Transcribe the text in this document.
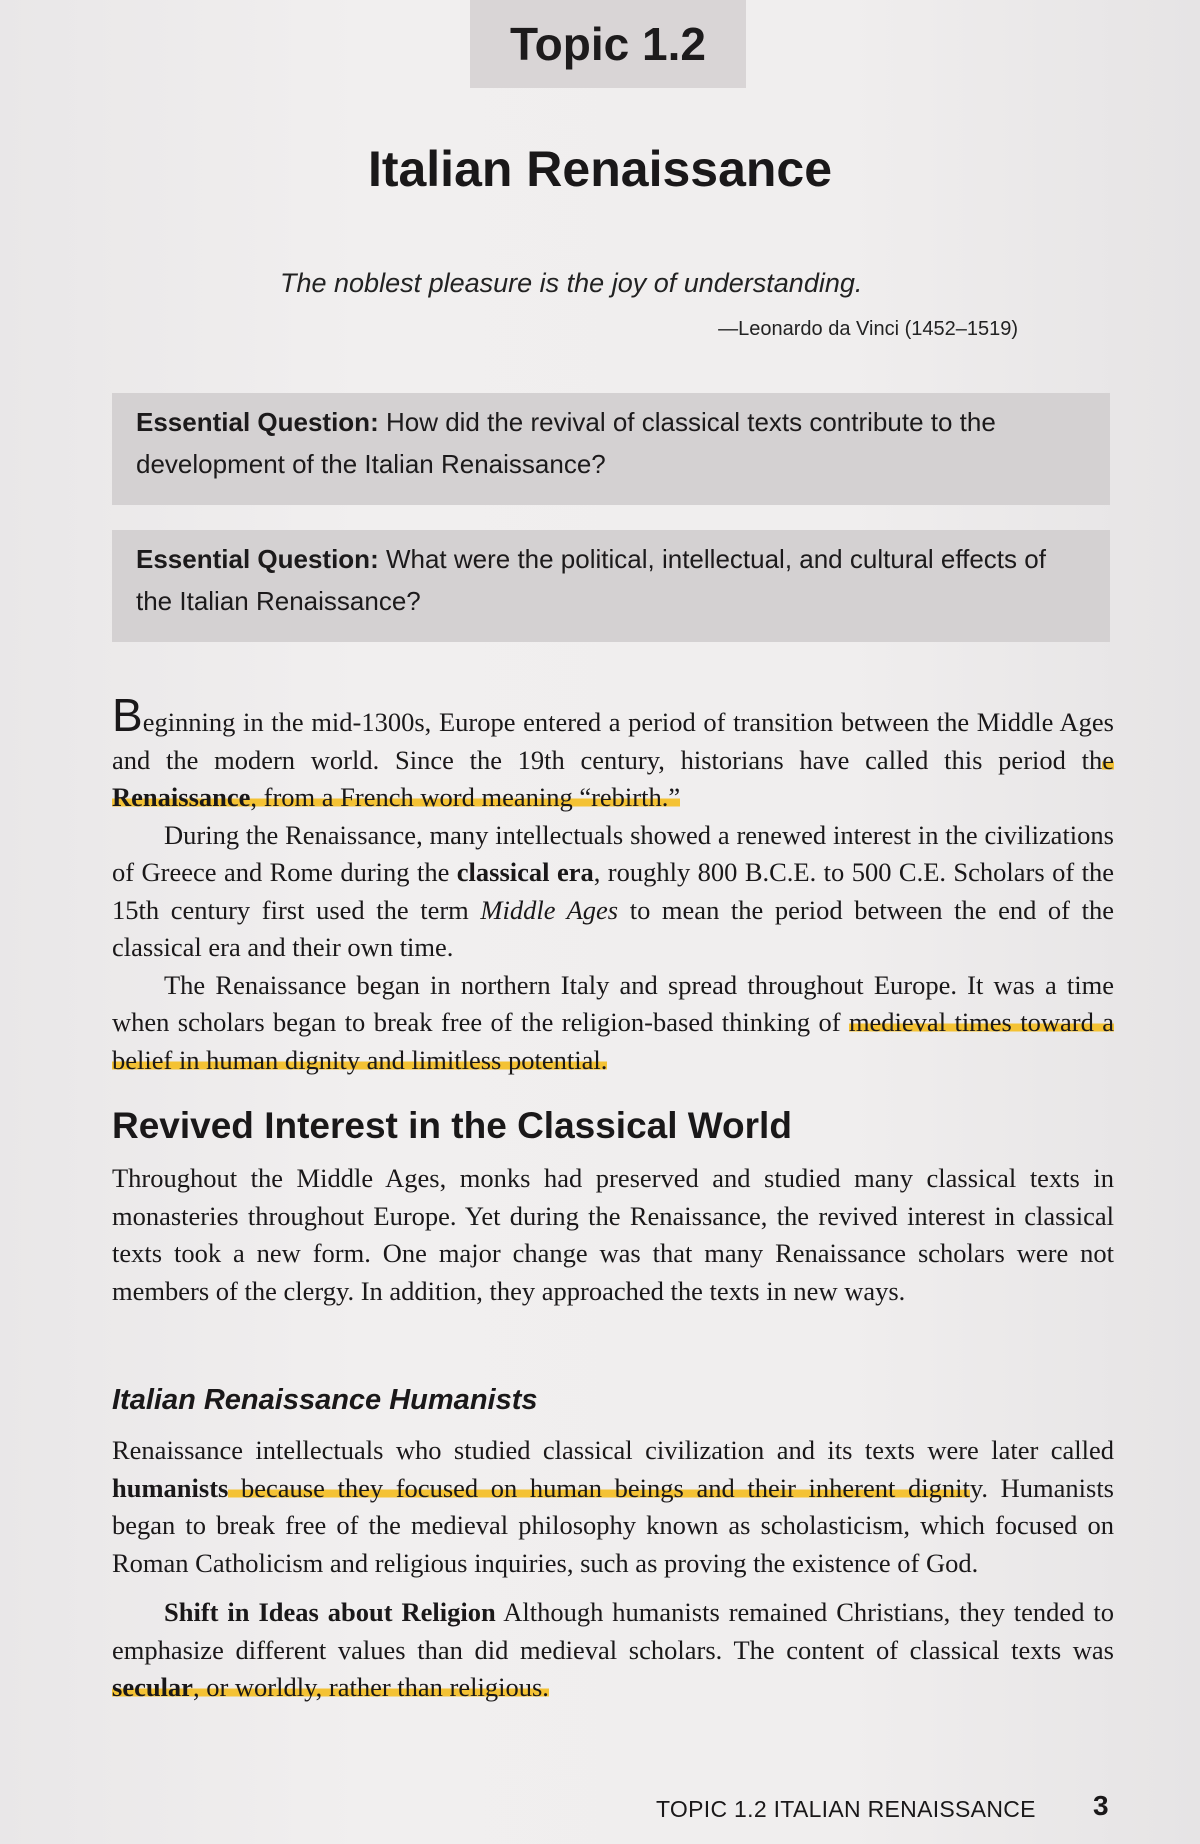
Topic 1.2
Italian Renaissance
The noblest pleasure is the joy of understanding.
—Leonardo da Vinci (1452–1519)
Essential Question: How did the revival of classical texts contribute to the development of the Italian Renaissance?
Essential Question: What were the political, intellectual, and cultural effects of the Italian Renaissance?

Beginning in the mid-1300s, Europe entered a period of transition between the Middle Ages and the modern world. Since the 19th century, historians have called this period the Renaissance, from a French word meaning “rebirth.”

During the Renaissance, many intellectuals showed a renewed interest in the civilizations of Greece and Rome during the classical era, roughly 800 B.C.E. to 500 C.E. Scholars of the 15th century first used the term Middle Ages to mean the period between the end of the classical era and their own time.

The Renaissance began in northern Italy and spread throughout Europe. It was a time when scholars began to break free of the religion-based thinking of medieval times toward a belief in human dignity and limitless potential.

Revived Interest in the Classical World

Throughout the Middle Ages, monks had preserved and studied many classical texts in monasteries throughout Europe. Yet during the Renaissance, the revived interest in classical texts took a new form. One major change was that many Renaissance scholars were not members of the clergy. In addition, they approached the texts in new ways.

Italian Renaissance Humanists

Renaissance intellectuals who studied classical civilization and its texts were later called humanists because they focused on human beings and their inherent dignity. Humanists began to break free of the medieval philosophy known as scholasticism, which focused on Roman Catholicism and religious inquiries, such as proving the existence of God.

Shift in Ideas about Religion Although humanists remained Christians, they tended to emphasize different values than did medieval scholars. The content of classical texts was secular, or worldly, rather than religious.

TOPIC 1.2 ITALIAN RENAISSANCE 3
